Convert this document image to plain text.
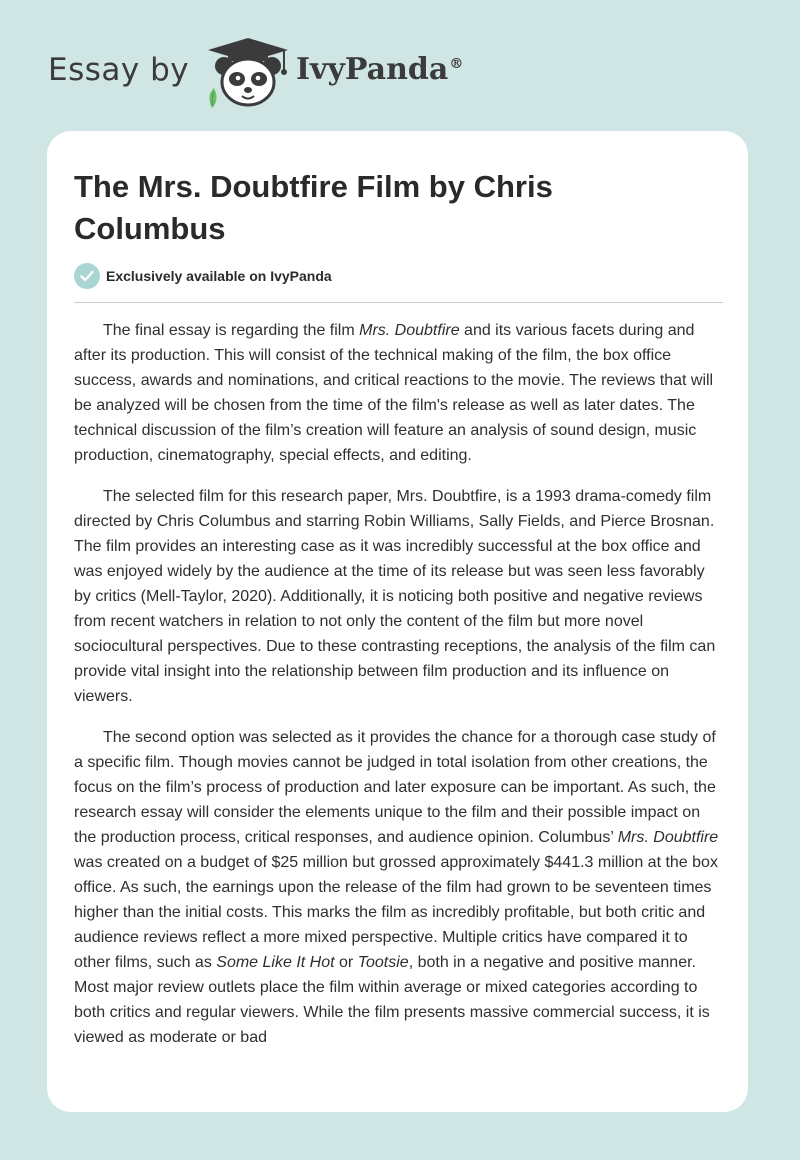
Essay by	IvyPanda®
The Mrs. Doubtfire Film by Chris Columbus
Exclusively available on IvyPanda

The final essay is regarding the film Mrs. Doubtfire and its various facets during and after its production. This will consist of the technical making of the film, the box office success, awards and nominations, and critical reactions to the movie. The reviews that will be analyzed will be chosen from the time of the film's release as well as later dates. The technical discussion of the film’s creation will feature an analysis of sound design, music production, cinematography, special effects, and editing.

The selected film for this research paper, Mrs. Doubtfire, is a 1993 drama-comedy film directed by Chris Columbus and starring Robin Williams, Sally Fields, and Pierce Brosnan. The film provides an interesting case as it was incredibly successful at the box office and was enjoyed widely by the audience at the time of its release but was seen less favorably by critics (Mell-Taylor, 2020). Additionally, it is noticing both positive and negative reviews from recent watchers in relation to not only the content of the film but more novel sociocultural perspectives. Due to these contrasting receptions, the analysis of the film can provide vital insight into the relationship between film production and its influence on viewers.

The second option was selected as it provides the chance for a thorough case study of a specific film. Though movies cannot be judged in total isolation from other creations, the focus on the film’s process of production and later exposure can be important. As such, the research essay will consider the elements unique to the film and their possible impact on the production process, critical responses, and audience opinion. Columbus’ Mrs. Doubtfire was created on a budget of $25 million but grossed approximately $441.3 million at the box office. As such, the earnings upon the release of the film had grown to be seventeen times higher than the initial costs. This marks the film as incredibly profitable, but both critic and audience reviews reflect a more mixed perspective. Multiple critics have compared it to other films, such as Some Like It Hot or Tootsie, both in a negative and positive manner. Most major review outlets place the film within average or mixed categories according to both critics and regular viewers. While the film presents massive commercial success, it is viewed as moderate or bad
